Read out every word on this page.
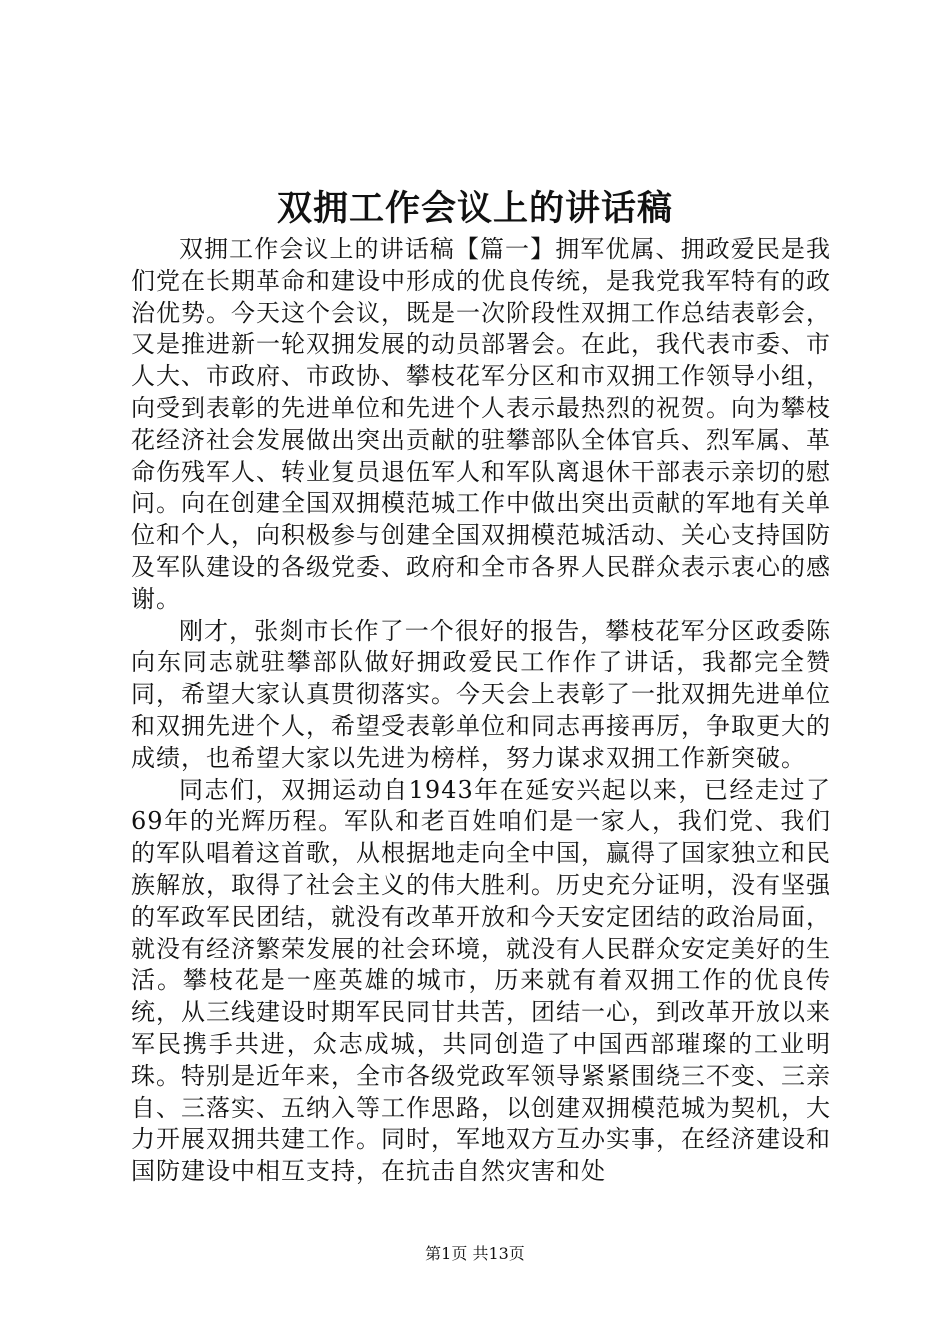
双拥工作会议上的讲话稿

双拥工作会议上的讲话稿【篇一】拥军优属、拥政爱民是我们党在长期革命和建设中形成的优良传统，是我党我军特有的政治优势。今天这个会议，既是一次阶段性双拥工作总结表彰会，又是推进新一轮双拥发展的动员部署会。在此，我代表市委、市人大、市政府、市政协、攀枝花军分区和市双拥工作领导小组，向受到表彰的先进单位和先进个人表示最热烈的祝贺。向为攀枝花经济社会发展做出突出贡献的驻攀部队全体官兵、烈军属、革命伤残军人、转业复员退伍军人和军队离退休干部表示亲切的慰问。向在创建全国双拥模范城工作中做出突出贡献的军地有关单位和个人，向积极参与创建全国双拥模范城活动、关心支持国防及军队建设的各级党委、政府和全市各界人民群众表示衷心的感谢。

刚才，张剡市长作了一个很好的报告，攀枝花军分区政委陈向东同志就驻攀部队做好拥政爱民工作作了讲话，我都完全赞同，希望大家认真贯彻落实。今天会上表彰了一批双拥先进单位和双拥先进个人，希望受表彰单位和同志再接再厉，争取更大的成绩，也希望大家以先进为榜样，努力谋求双拥工作新突破。

同志们，双拥运动自1943年在延安兴起以来，已经走过了69年的光辉历程。军队和老百姓咱们是一家人，我们党、我们的军队唱着这首歌，从根据地走向全中国，赢得了国家独立和民族解放，取得了社会主义的伟大胜利。历史充分证明，没有坚强的军政军民团结，就没有改革开放和今天安定团结的政治局面，就没有经济繁荣发展的社会环境，就没有人民群众安定美好的生活。攀枝花是一座英雄的城市，历来就有着双拥工作的优良传统，从三线建设时期军民同甘共苦，团结一心，到改革开放以来军民携手共进，众志成城，共同创造了中国西部璀璨的工业明珠。特别是近年来，全市各级党政军领导紧紧围绕三不变、三亲自、三落实、五纳入等工作思路，以创建双拥模范城为契机，大力开展双拥共建工作。同时，军地双方互办实事，在经济建设和国防建设中相互支持，在抗击自然灾害和处

第1页 共13页
